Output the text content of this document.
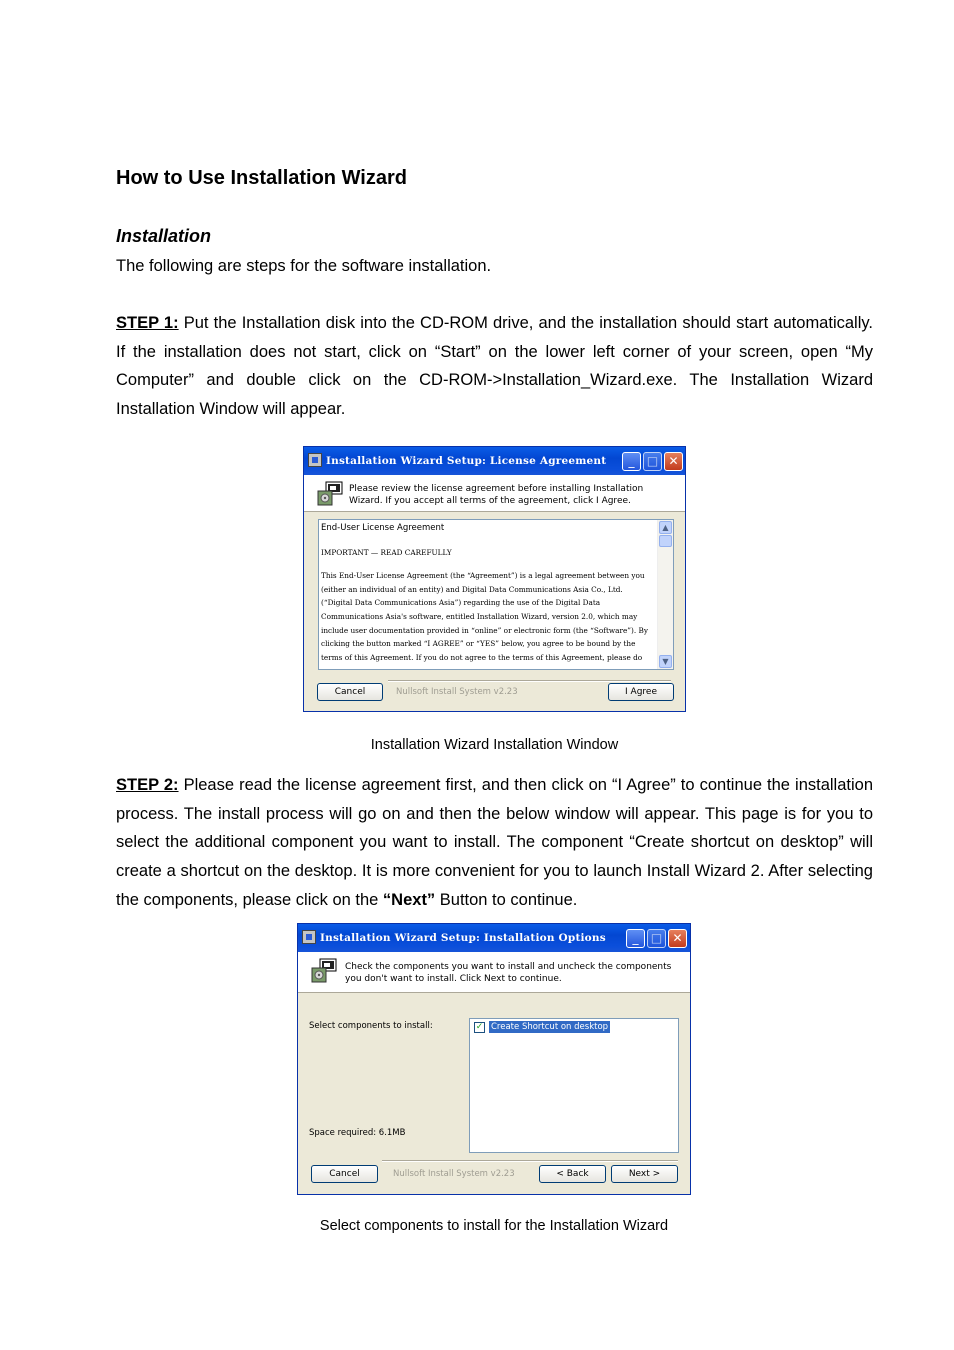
How to Use Installation Wizard
Installation
The following are steps for the software installation.
STEP 1: Put the Installation disk into the CD-ROM drive, and the installation should start automatically. If the installation does not start, click on “Start” on the lower left corner of your screen, open “My Computer” and double click on the CD-ROM->Installation_Wizard.exe. The Installation Wizard Installation Window will appear.
Installation Wizard Setup: License Agreement	_	□ ✕
Please review the license agreement before installing Installation Wizard. If you accept all terms of the agreement, click I Agree.
End-User License Agreement
IMPORTANT — READ CAREFULLY
This End-User License Agreement (the “Agreement”) is a legal agreement between you
(either an individual of an entity) and Digital Data Communications Asia Co., Ltd.
(“Digital Data Communications Asia”) regarding the use of the Digital Data
Communications Asia's software, entitled Installation Wizard, version 2.0, which may
include user documentation provided in “online” or electronic form (the “Software”). By
clicking the button marked “I AGREE” or “YES” below, you agree to be bound by the
terms of this Agreement. If you do not agree to the terms of this Agreement, please do
▲
▼
Cancel	Nullsoft Install System v2.23	I Agree
Installation Wizard Installation Window
STEP 2: Please read the license agreement first, and then click on “I Agree” to continue the installation process. The install process will go on and then the below window will appear. This page is for you to select the additional component you want to install. The component “Create shortcut on desktop” will create a shortcut on the desktop. It is more convenient for you to launch Install Wizard 2. After selecting the components, please click on the “Next” Button to continue.
Installation Wizard Setup: Installation Options	_	□ ✕
Check the components you want to install and uncheck the components you don't want to install. Click Next to continue.
Select components to install:	✓ Create Shortcut on desktop
Space required: 6.1MB
Cancel	Nullsoft Install System v2.23	< Back	Next >
Select components to install for the Installation Wizard
